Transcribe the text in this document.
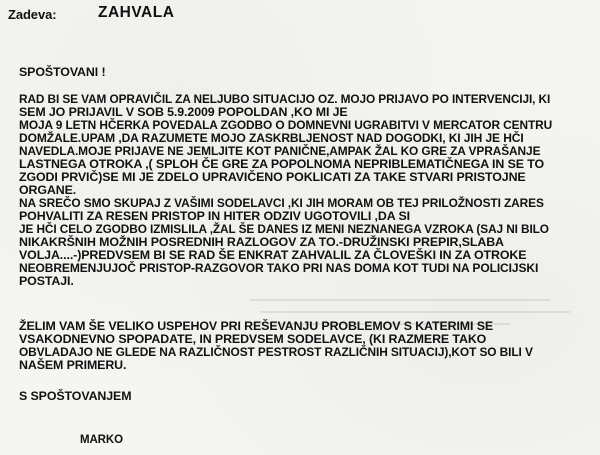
Zadeva:	ZAHVALA
SPOŠTOVANI !
RAD BI SE VAM OPRAVIČIL ZA NELJUBO SITUACIJO OZ. MOJO PRIJAVO PO INTERVENCIJI, KI
SEM JO PRIJAVIL V SOB 5.9.2009 POPOLDAN ,KO MI JE
MOJA 9 LETN HČERKA POVEDALA ZGODBO O DOMNEVNI UGRABITVI V MERCATOR CENTRU
DOMŽALE.UPAM ,DA RAZUMETE MOJO ZASKRBLJENOST NAD DOGODKI, KI JIH JE HČI
NAVEDLA.MOJE PRIJAVE NE JEMLJITE KOT PANIČNE,AMPAK ŽAL KO GRE ZA VPRAŠANJE
LASTNEGA OTROKA ,( SPLOH ČE GRE ZA POPOLNOMA NEPRIBLEMATIČNEGA IN SE TO
ZGODI PRVIČ)SE MI JE ZDELO UPRAVIČENO POKLICATI ZA TAKE STVARI PRISTOJNE
ORGANE.
NA SREČO SMO SKUPAJ Z VAŠIMI SODELAVCI ,KI JIH MORAM OB TEJ PRILOŽNOSTI ZARES
POHVALITI ZA RESEN PRISTOP IN HITER ODZIV UGOTOVILI ,DA SI
JE HČI CELO ZGODBO IZMISLILA ,ŽAL ŠE DANES IZ MENI NEZNANEGA VZROKA (SAJ NI BILO
NIKAKRŠNIH MOŽNIH POSREDNIH RAZLOGOV ZA TO.-DRUŽINSKI PREPIR,SLABA
VOLJA....-)PREDVSEM BI SE RAD ŠE ENKRAT ZAHVALIL ZA ČLOVEŠKI IN ZA OTROKE
NEOBREMENJUJOČ PRISTOP-RAZGOVOR TAKO PRI NAS DOMA KOT TUDI NA POLICIJSKI
POSTAJI.
ŽELIM VAM ŠE VELIKO USPEHOV PRI REŠEVANJU PROBLEMOV S KATERIMI SE
VSAKODNEVNO SPOPADATE, IN PREDVSEM SODELAVCE, (KI RAZMERE TAKO
OBVLADAJO NE GLEDE NA RAZLIČNOST PESTROST RAZLIČNIH SITUACIJ),KOT SO BILI V
NAŠEM PRIMERU.
S SPOŠTOVANJEM
MARKO
